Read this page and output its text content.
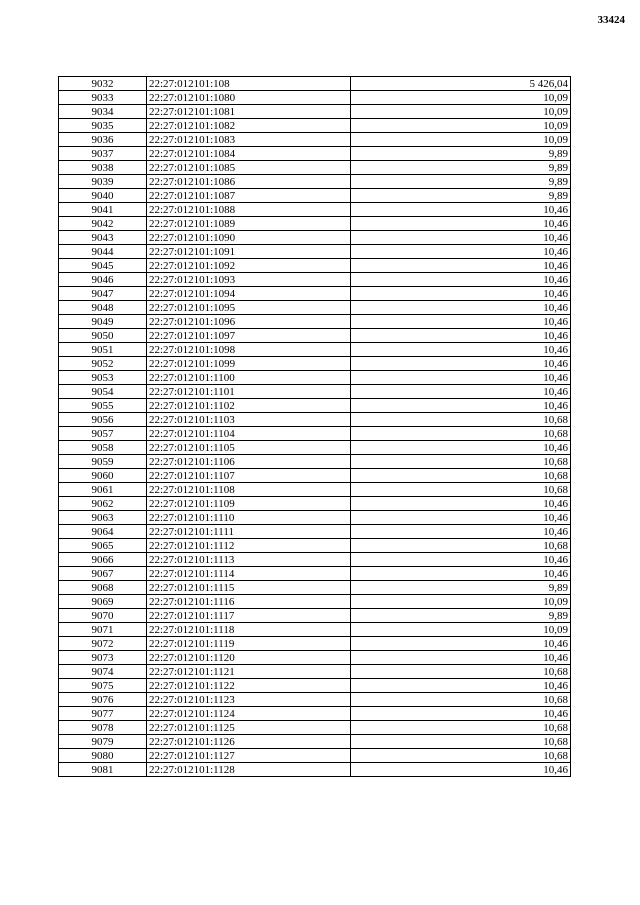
33424
9032	22:27:012101:108	5 426,04
9033	22:27:012101:1080	10,09
9034	22:27:012101:1081	10,09
9035	22:27:012101:1082	10,09
9036	22:27:012101:1083	10,09
9037	22:27:012101:1084	9,89
9038	22:27:012101:1085	9,89
9039	22:27:012101:1086	9,89
9040	22:27:012101:1087	9,89
9041	22:27:012101:1088	10,46
9042	22:27:012101:1089	10,46
9043	22:27:012101:1090	10,46
9044	22:27:012101:1091	10,46
9045	22:27:012101:1092	10,46
9046	22:27:012101:1093	10,46
9047	22:27:012101:1094	10,46
9048	22:27:012101:1095	10,46
9049	22:27:012101:1096	10,46
9050	22:27:012101:1097	10,46
9051	22:27:012101:1098	10,46
9052	22:27:012101:1099	10,46
9053	22:27:012101:1100	10,46
9054	22:27:012101:1101	10,46
9055	22:27:012101:1102	10,46
9056	22:27:012101:1103	10,68
9057	22:27:012101:1104	10,68
9058	22:27:012101:1105	10,46
9059	22:27:012101:1106	10,68
9060	22:27:012101:1107	10,68
9061	22:27:012101:1108	10,68
9062	22:27:012101:1109	10,46
9063	22:27:012101:1110	10,46
9064	22:27:012101:1111	10,46
9065	22:27:012101:1112	10,68
9066	22:27:012101:1113	10,46
9067	22:27:012101:1114	10,46
9068	22:27:012101:1115	9,89
9069	22:27:012101:1116	10,09
9070	22:27:012101:1117	9,89
9071	22:27:012101:1118	10,09
9072	22:27:012101:1119	10,46
9073	22:27:012101:1120	10,46
9074	22:27:012101:1121	10,68
9075	22:27:012101:1122	10,46
9076	22:27:012101:1123	10,68
9077	22:27:012101:1124	10,46
9078	22:27:012101:1125	10,68
9079	22:27:012101:1126	10,68
9080	22:27:012101:1127	10,68
9081	22:27:012101:1128	10,46
